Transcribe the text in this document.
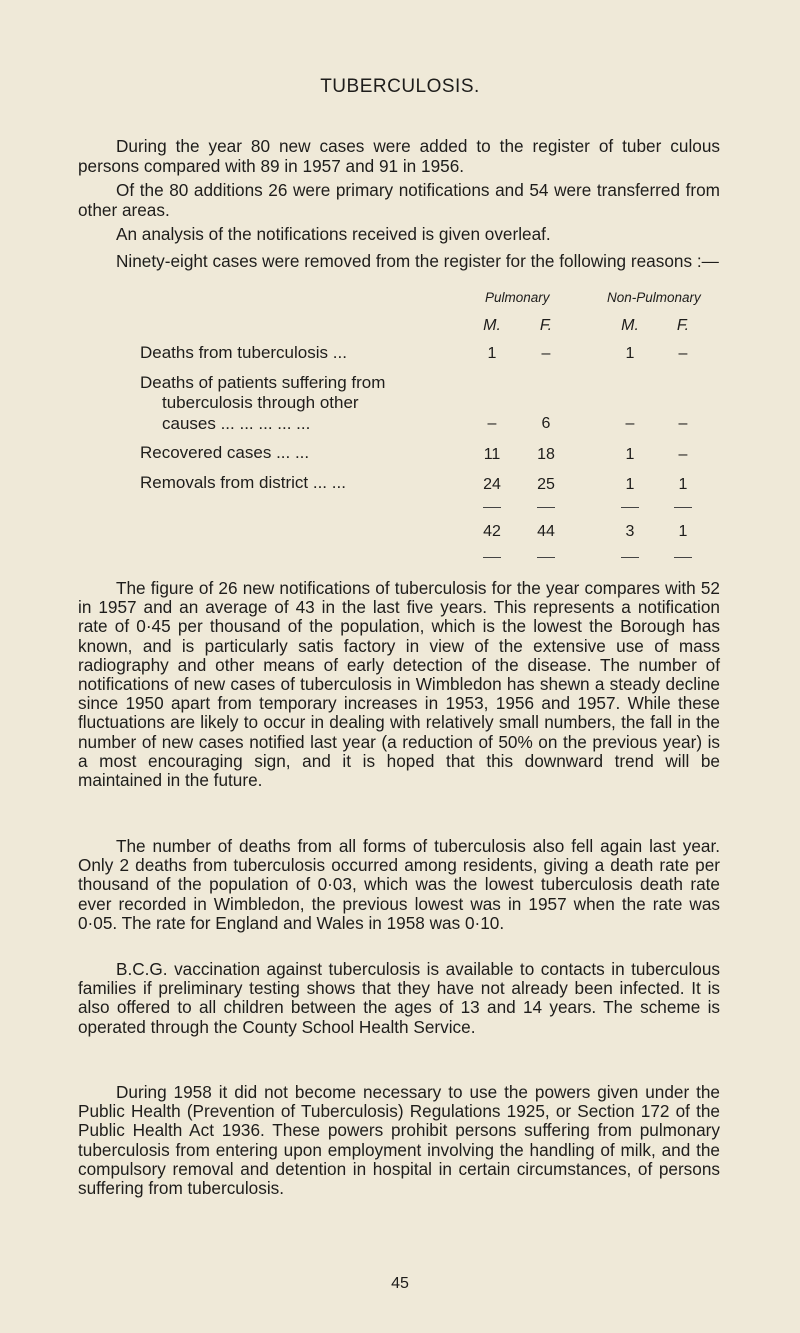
TUBERCULOSIS.

During the year 80 new cases were added to the register of tuber culous persons compared with 89 in 1957 and 91 in 1956.

Of the 80 additions 26 were primary notifications and 54 were transferred from other areas.

An analysis of the notifications received is given overleaf.

Ninety-eight cases were removed from the register for the following reasons :—

Pulmonary	Non-Pulmonary
M.	F.	M.	F.
Deaths from tuberculosis ...	1	–	1	–
Deaths of patients suffering from
tuberculosis through other
causes ... ... ... ... ...	–	6	–	–
Recovered cases ... ...	11	18	1	–
Removals from district ... ...	24	25	1	1
42	44	3	1

The figure of 26 new notifications of tuberculosis for the year compares with 52 in 1957 and an average of 43 in the last five years. This represents a notification rate of 0·45 per thousand of the population, which is the lowest the Borough has known, and is particularly satis factory in view of the extensive use of mass radiography and other means of early detection of the disease. The number of notifications of new cases of tuberculosis in Wimbledon has shewn a steady decline since 1950 apart from temporary increases in 1953, 1956 and 1957. While these fluctuations are likely to occur in dealing with relatively small numbers, the fall in the number of new cases notified last year (a reduction of 50% on the previous year) is a most encouraging sign, and it is hoped that this downward trend will be maintained in the future.

The number of deaths from all forms of tuberculosis also fell again last year. Only 2 deaths from tuberculosis occurred among residents, giving a death rate per thousand of the population of 0·03, which was the lowest tuberculosis death rate ever recorded in Wimbledon, the previous lowest was in 1957 when the rate was 0·05. The rate for England and Wales in 1958 was 0·10.

B.C.G. vaccination against tuberculosis is available to contacts in tuberculous families if preliminary testing shows that they have not already been infected. It is also offered to all children between the ages of 13 and 14 years. The scheme is operated through the County School Health Service.

During 1958 it did not become necessary to use the powers given under the Public Health (Prevention of Tuberculosis) Regulations 1925, or Section 172 of the Public Health Act 1936. These powers prohibit persons suffering from pulmonary tuberculosis from entering upon employment involving the handling of milk, and the compulsory removal and detention in hospital in certain circumstances, of persons suffering from tuberculosis.

45
